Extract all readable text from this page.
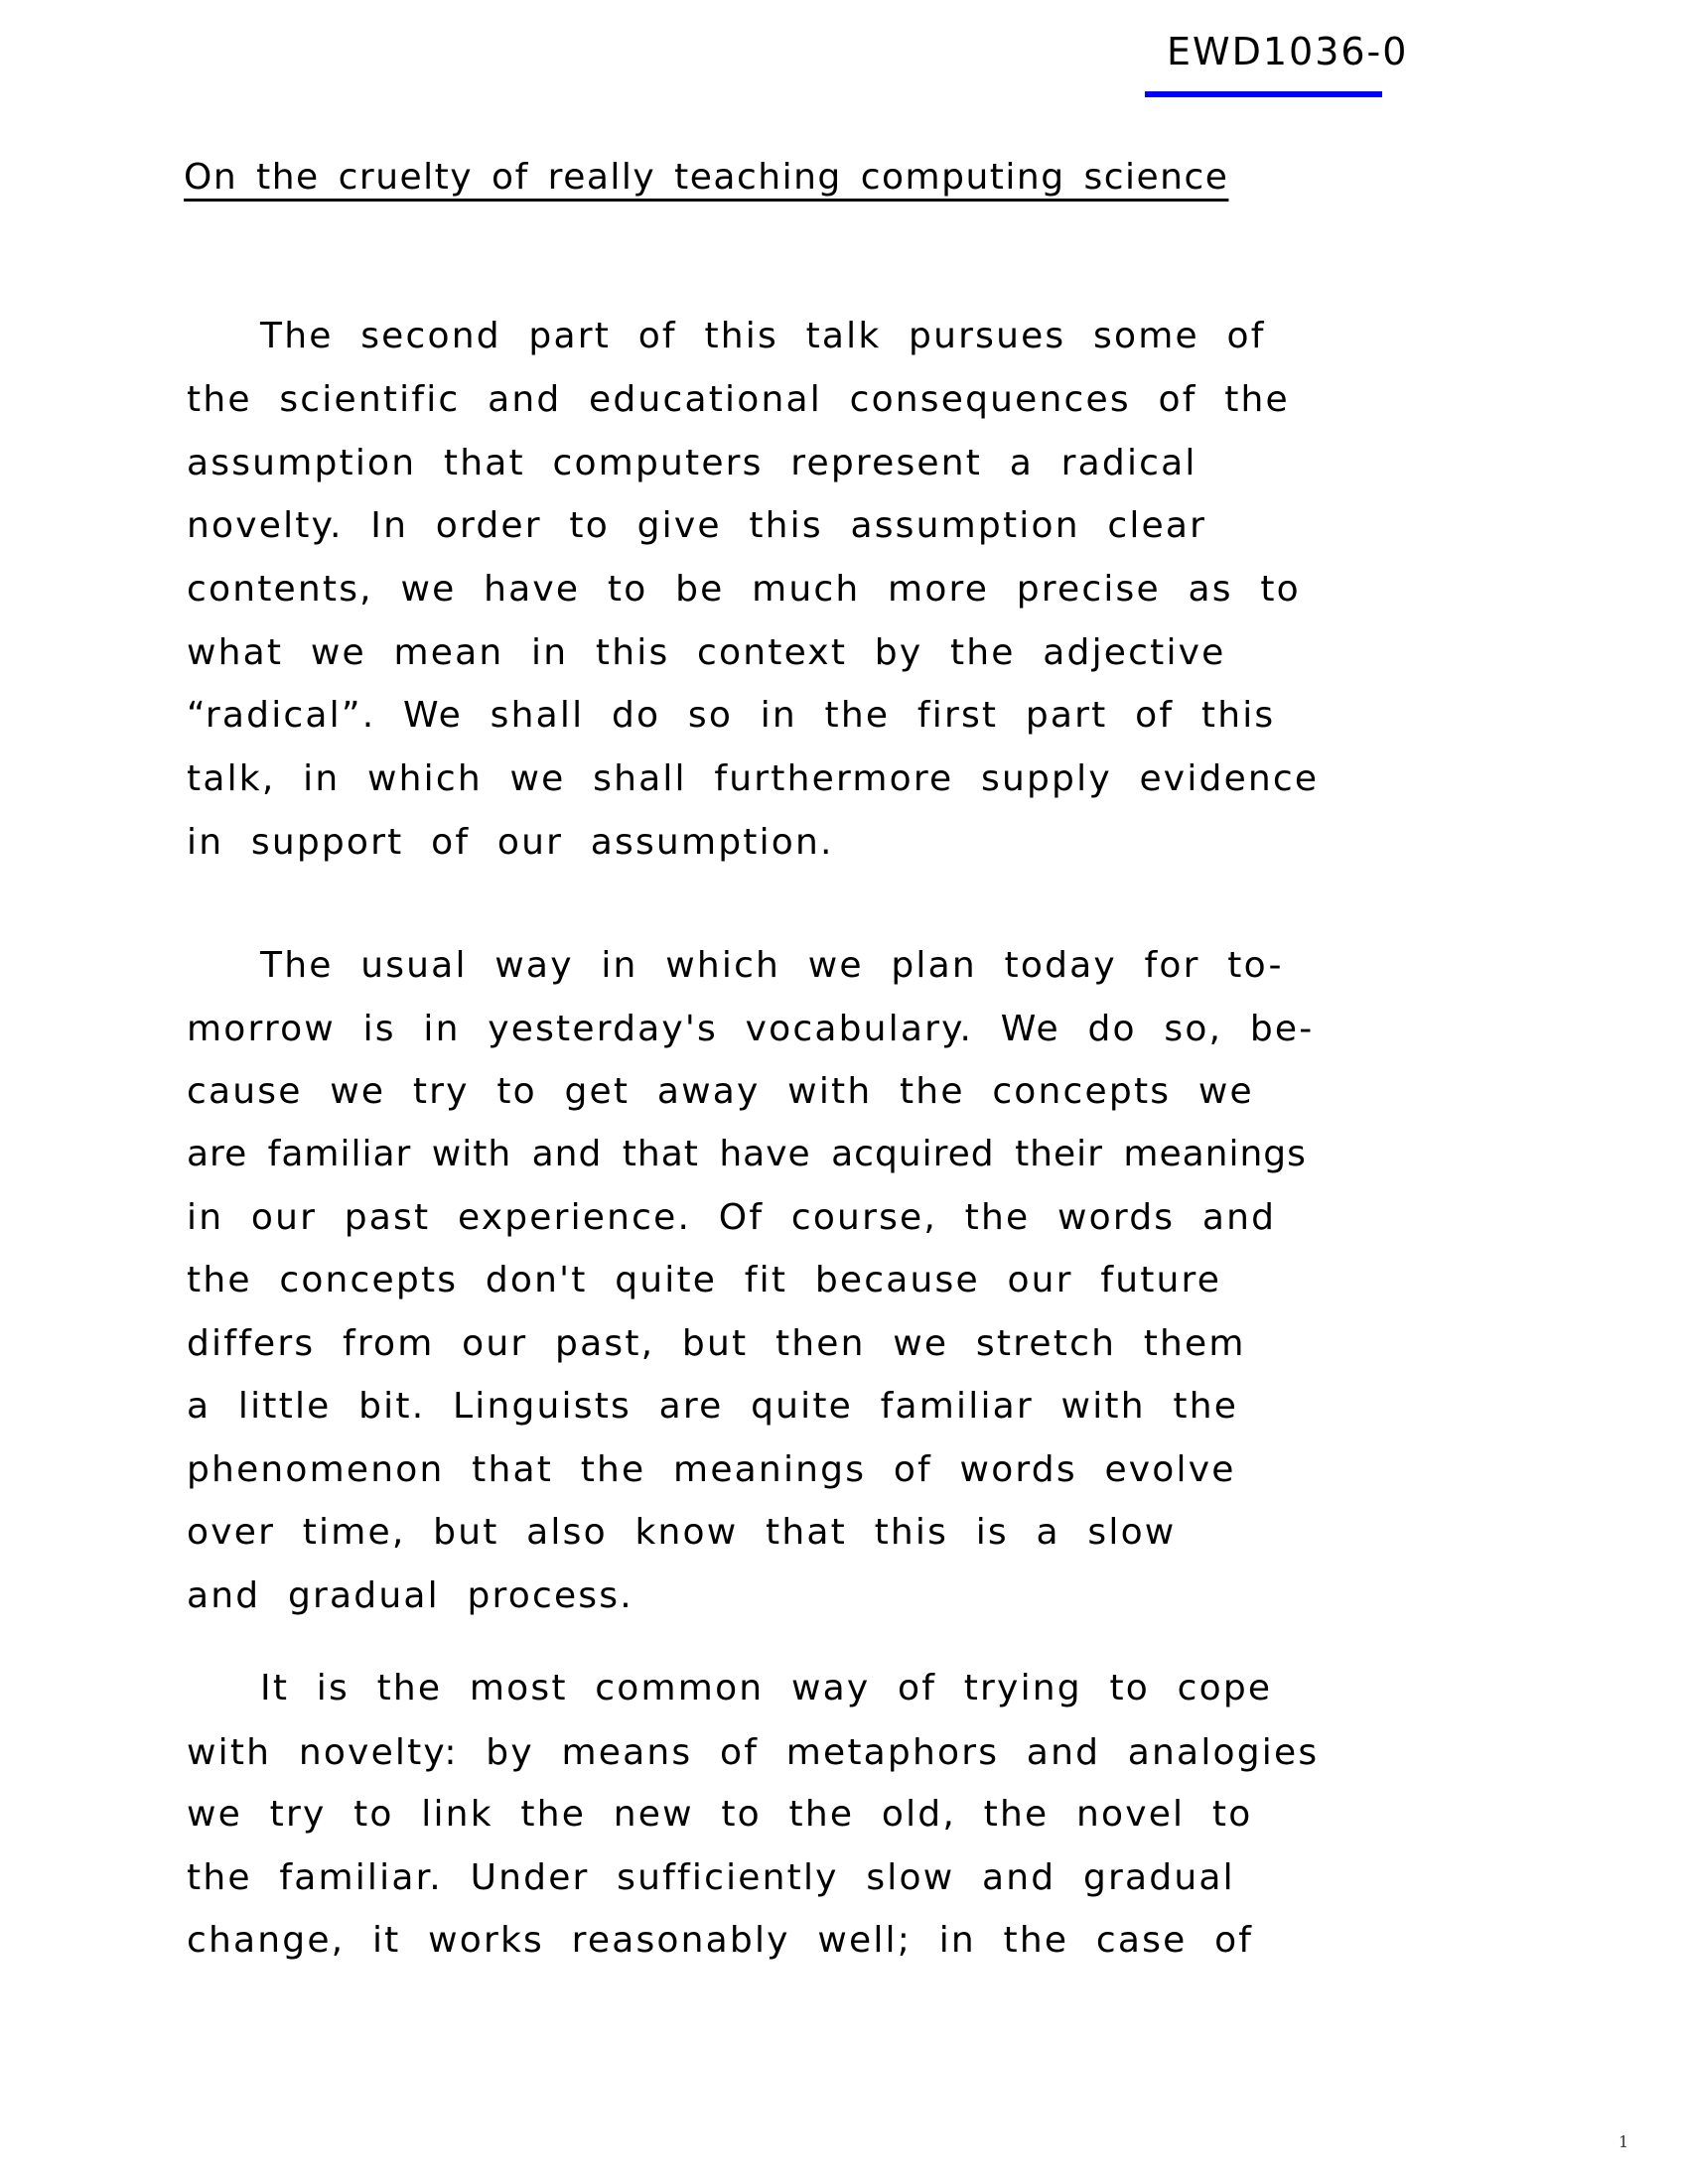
EWD1036-0
On the cruelty of really teaching computing science
The second part of this talk pursues some of
the scientific and educational consequences of the
assumption that computers represent a radical
novelty. In order to give this assumption clear
contents, we have to be much more precise as to
what we mean in this context by the adjective
“radical”. We shall do so in the first part of this
talk, in which we shall furthermore supply evidence
in support of our assumption.
The usual way in which we plan today for to-
morrow is in yesterday's vocabulary. We do so, be-
cause we try to get away with the concepts we
are familiar with and that have acquired their meanings
in our past experience. Of course, the words and
the concepts don't quite fit because our future
differs from our past, but then we stretch them
a little bit. Linguists are quite familiar with the
phenomenon that the meanings of words evolve
over time, but also know that this is a slow
and gradual process.
It is the most common way of trying to cope
with novelty: by means of metaphors and analogies
we try to link the new to the old, the novel to
the familiar. Under sufficiently slow and gradual
change, it works reasonably well; in the case of
1
